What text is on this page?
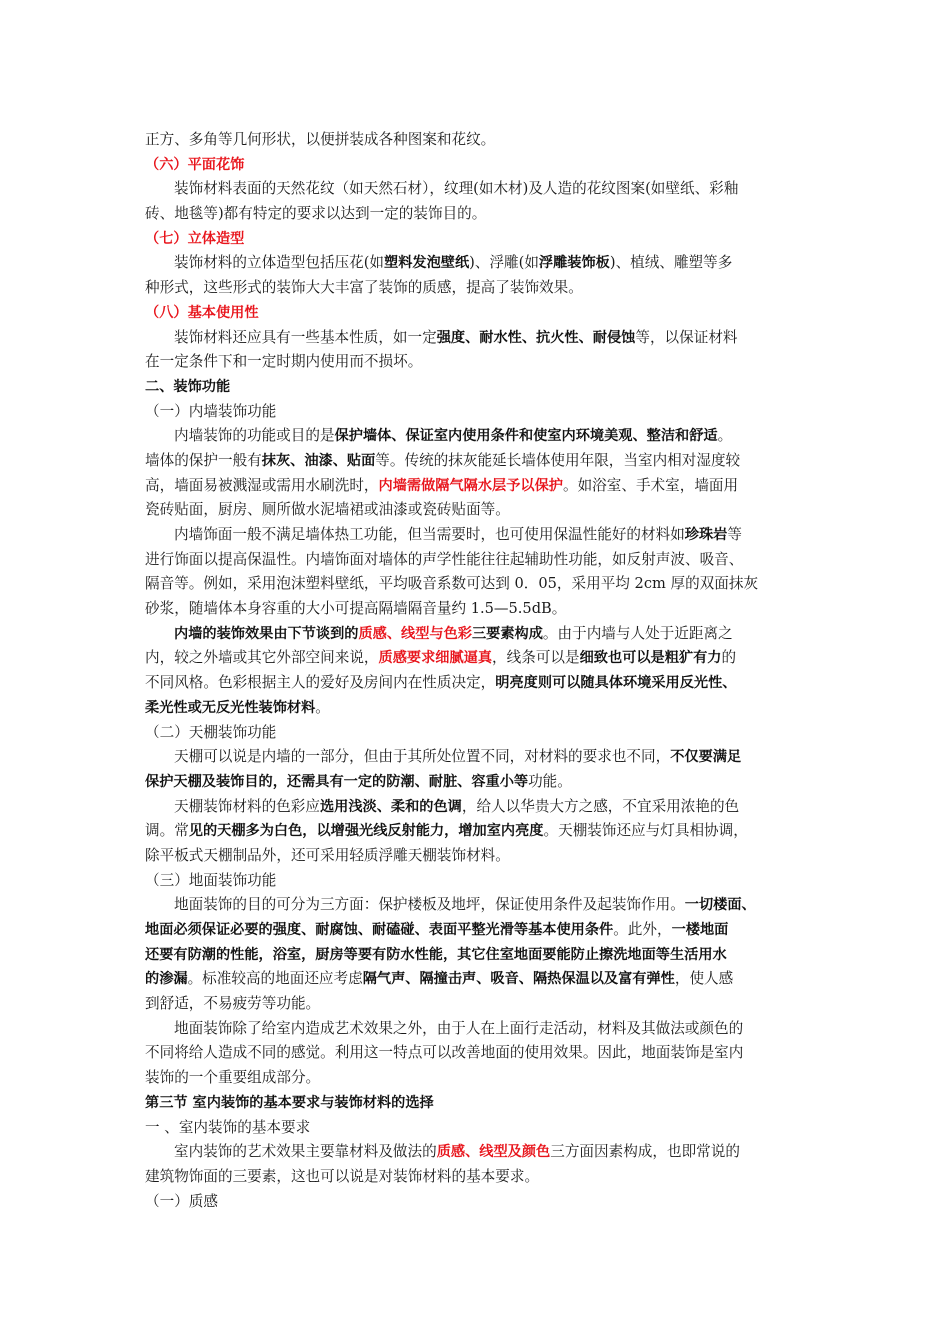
正方、多角等几何形状，以便拼装成各种图案和花纹。
（六）平面花饰
装饰材料表面的天然花纹（如天然石材），纹理(如木材)及人造的花纹图案(如壁纸、彩釉
砖、地毯等)都有特定的要求以达到一定的装饰目的。
（七）立体造型
装饰材料的立体造型包括压花(如塑料发泡壁纸)、浮雕(如浮雕装饰板)、植绒、雕塑等多
种形式，这些形式的装饰大大丰富了装饰的质感，提高了装饰效果。
（八）基本使用性
装饰材料还应具有一些基本性质，如一定强度、耐水性、抗火性、耐侵蚀等，以保证材料
在一定条件下和一定时期内使用而不损坏。
二、装饰功能
（一）内墙装饰功能
内墙装饰的功能或目的是保护墙体、保证室内使用条件和使室内环境美观、整洁和舒适。
墙体的保护一般有抹灰、油漆、贴面等。传统的抹灰能延长墙体使用年限，当室内相对湿度较
高，墙面易被溅湿或需用水刷洗时，内墙需做隔气隔水层予以保护。如浴室、手术室，墙面用
瓷砖贴面，厨房、厕所做水泥墙裙或油漆或瓷砖贴面等。
内墙饰面一般不满足墙体热工功能，但当需要时，也可使用保温性能好的材料如珍珠岩等
进行饰面以提高保温性。内墙饰面对墙体的声学性能往往起辅助性功能，如反射声波、吸音、
隔音等。例如，采用泡沫塑料壁纸，平均吸音系数可达到 0．05，采用平均 2cm 厚的双面抹灰
砂浆，随墙体本身容重的大小可提高隔墙隔音量约 1.5—5.5dB。
内墙的装饰效果由下节谈到的质感、线型与色彩三要素构成。由于内墙与人处于近距离之
内，较之外墙或其它外部空间来说，质感要求细腻逼真，线条可以是细致也可以是粗犷有力的
不同风格。色彩根据主人的爱好及房间内在性质决定，明亮度则可以随具体环境采用反光性、
柔光性或无反光性装饰材料。
（二）天棚装饰功能
天棚可以说是内墙的一部分，但由于其所处位置不同，对材料的要求也不同，不仅要满足
保护天棚及装饰目的，还需具有一定的防潮、耐脏、容重小等功能。
天棚装饰材料的色彩应选用浅淡、柔和的色调，给人以华贵大方之感，不宜采用浓艳的色
调。常见的天棚多为白色，以增强光线反射能力，增加室内亮度。天棚装饰还应与灯具相协调，
除平板式天棚制品外，还可采用轻质浮雕天棚装饰材料。
（三）地面装饰功能
地面装饰的目的可分为三方面：保护楼板及地坪，保证使用条件及起装饰作用。一切楼面、
地面必须保证必要的强度、耐腐蚀、耐磕碰、表面平整光滑等基本使用条件。此外，一楼地面
还要有防潮的性能，浴室，厨房等要有防水性能，其它住室地面要能防止擦洗地面等生活用水
的渗漏。标准较高的地面还应考虑隔气声、隔撞击声、吸音、隔热保温以及富有弹性，使人感
到舒适，不易疲劳等功能。
地面装饰除了给室内造成艺术效果之外，由于人在上面行走活动，材料及其做法或颜色的
不同将给人造成不同的感觉。利用这一特点可以改善地面的使用效果。因此，地面装饰是室内
装饰的一个重要组成部分。
第三节 室内装饰的基本要求与装饰材料的选择
一 、室内装饰的基本要求
室内装饰的艺术效果主要靠材料及做法的质感、线型及颜色三方面因素构成，也即常说的
建筑物饰面的三要素，这也可以说是对装饰材料的基本要求。
（一）质感
